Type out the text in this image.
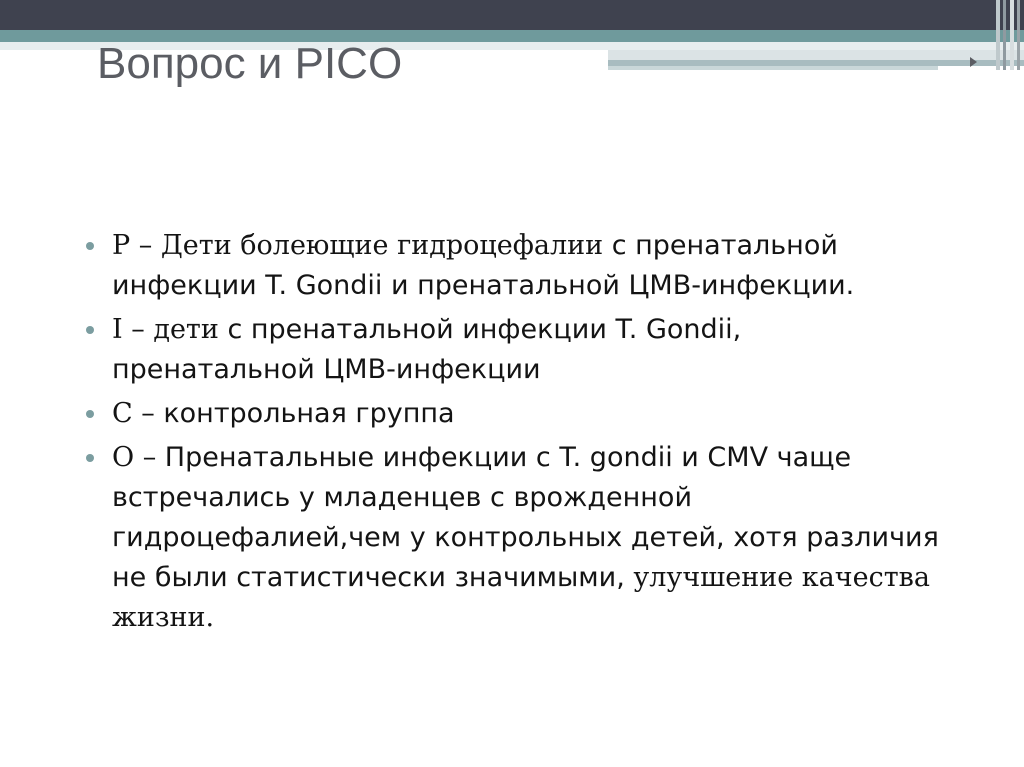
Вопрос и PICO
P – Дети болеющие гидроцефалии с пренатальной инфекции T. Gondii и пренатальной ЦМВ-инфекции.
I – дети с пренатальной инфекции T. Gondii, пренатальной ЦМВ-инфекции
C – контрольная группа
O – Пренатальные инфекции с T. gondii и CMV чаще встречались у младенцев с врожденной гидроцефалией,чем у контрольных детей, хотя различия не были статистически значимыми, улучшение качества жизни.
